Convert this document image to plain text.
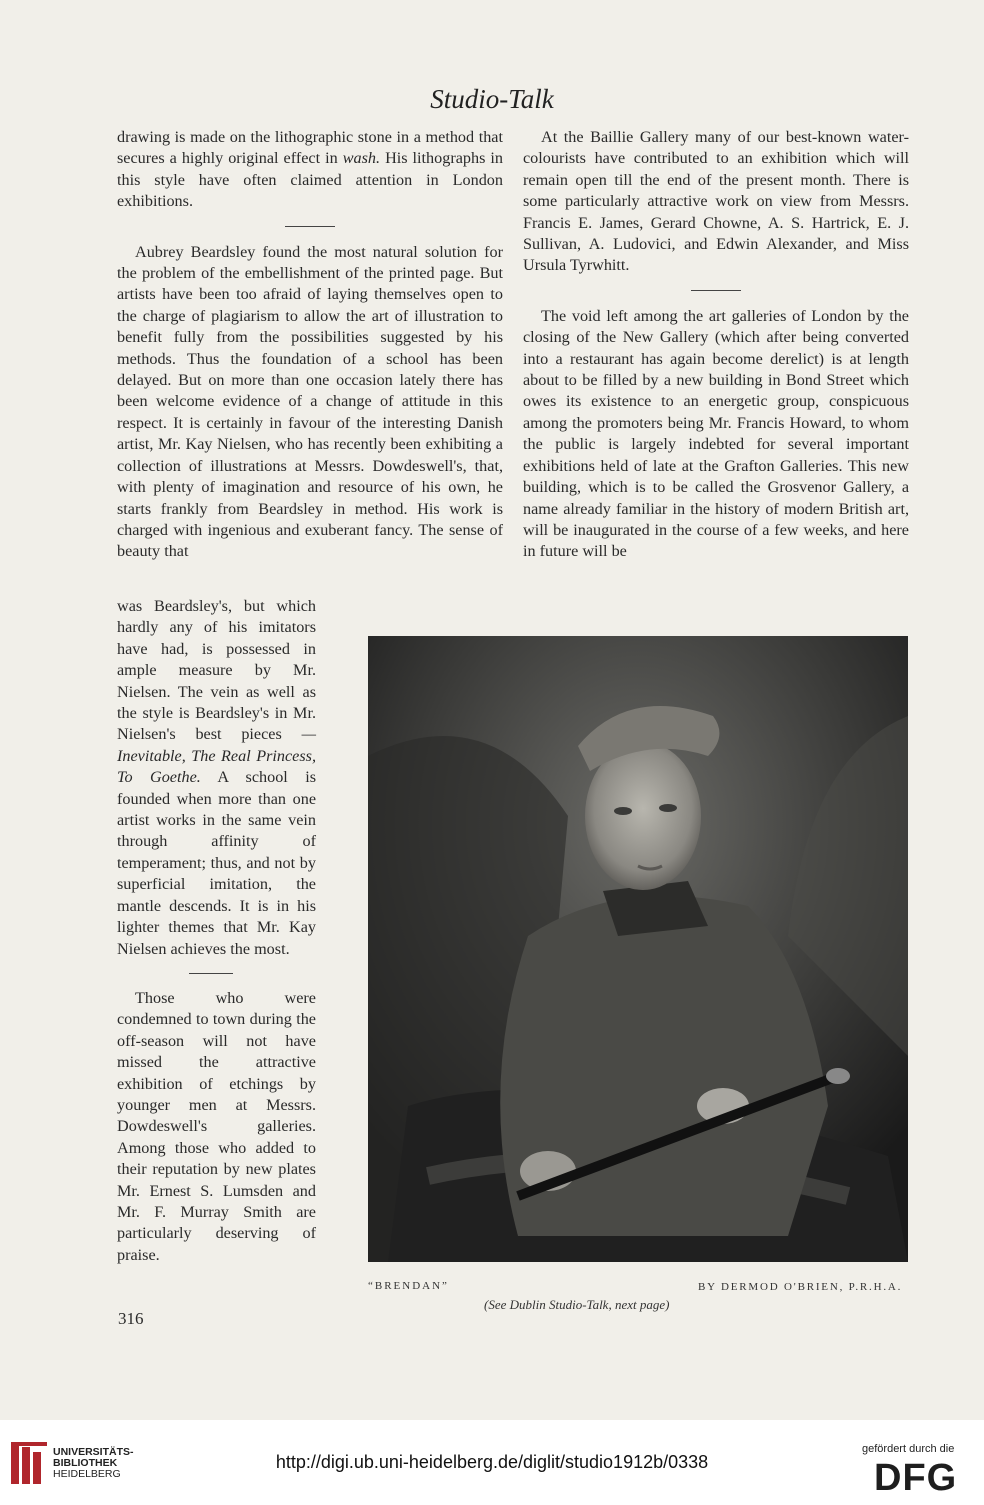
Studio-Talk

drawing is made on the lithographic stone in a method that secures a highly original effect in wash. His lithographs in this style have often claimed attention in London exhibitions.

Aubrey Beardsley found the most natural solution for the problem of the embellishment of the printed page. But artists have been too afraid of laying themselves open to the charge of plagiarism to allow the art of illustration to benefit fully from the possibilities suggested by his methods. Thus the foundation of a school has been delayed. But on more than one occasion lately there has been welcome evidence of a change of attitude in this respect. It is certainly in favour of the interesting Danish artist, Mr. Kay Nielsen, who has recently been exhibiting a collection of illustrations at Messrs. Dowdeswell's, that, with plenty of imagination and resource of his own, he starts frankly from Beardsley in method. His work is charged with ingenious and exuberant fancy. The sense of beauty that

was Beardsley's, but which hardly any of his imitators have had, is possessed in ample measure by Mr. Nielsen. The vein as well as the style is Beardsley's in Mr. Nielsen's best pieces —Inevitable, The Real Princess, To Goethe. A school is founded when more than one artist works in the same vein through affinity of temperament; thus, and not by superficial imitation, the mantle descends. It is in his lighter themes that Mr. Kay Nielsen achieves the most.

Those who were condemned to town during the off-season will not have missed the attractive exhibition of etchings by younger men at Messrs. Dowdeswell's galleries. Among those who added to their reputation by new plates Mr. Ernest S. Lumsden and Mr. F. Murray Smith are particularly deserving of praise.

At the Baillie Gallery many of our best-known water-colourists have contributed to an exhibition which will remain open till the end of the present month. There is some particularly attractive work on view from Messrs. Francis E. James, Gerard Chowne, A. S. Hartrick, E. J. Sullivan, A. Ludovici, and Edwin Alexander, and Miss Ursula Tyrwhitt.

The void left among the art galleries of London by the closing of the New Gallery (which after being converted into a restaurant has again become derelict) is at length about to be filled by a new building in Bond Street which owes its existence to an energetic group, conspicuous among the promoters being Mr. Francis Howard, to whom the public is largely indebted for several important exhibitions held of late at the Grafton Galleries. This new building, which is to be called the Grosvenor Gallery, a name already familiar in the history of modern British art, will be inaugurated in the course of a few weeks, and here in future will be

“BRENDAN”	BY DERMOD O'BRIEN, P.R.H.A.
(See Dublin Studio-Talk, next page)
316
UNIVERSITÄTS-
BIBLIOTHEK
HEIDELBERG
http://digi.ub.uni-heidelberg.de/diglit/studio1912b/0338
gefördert durch die
DFG
